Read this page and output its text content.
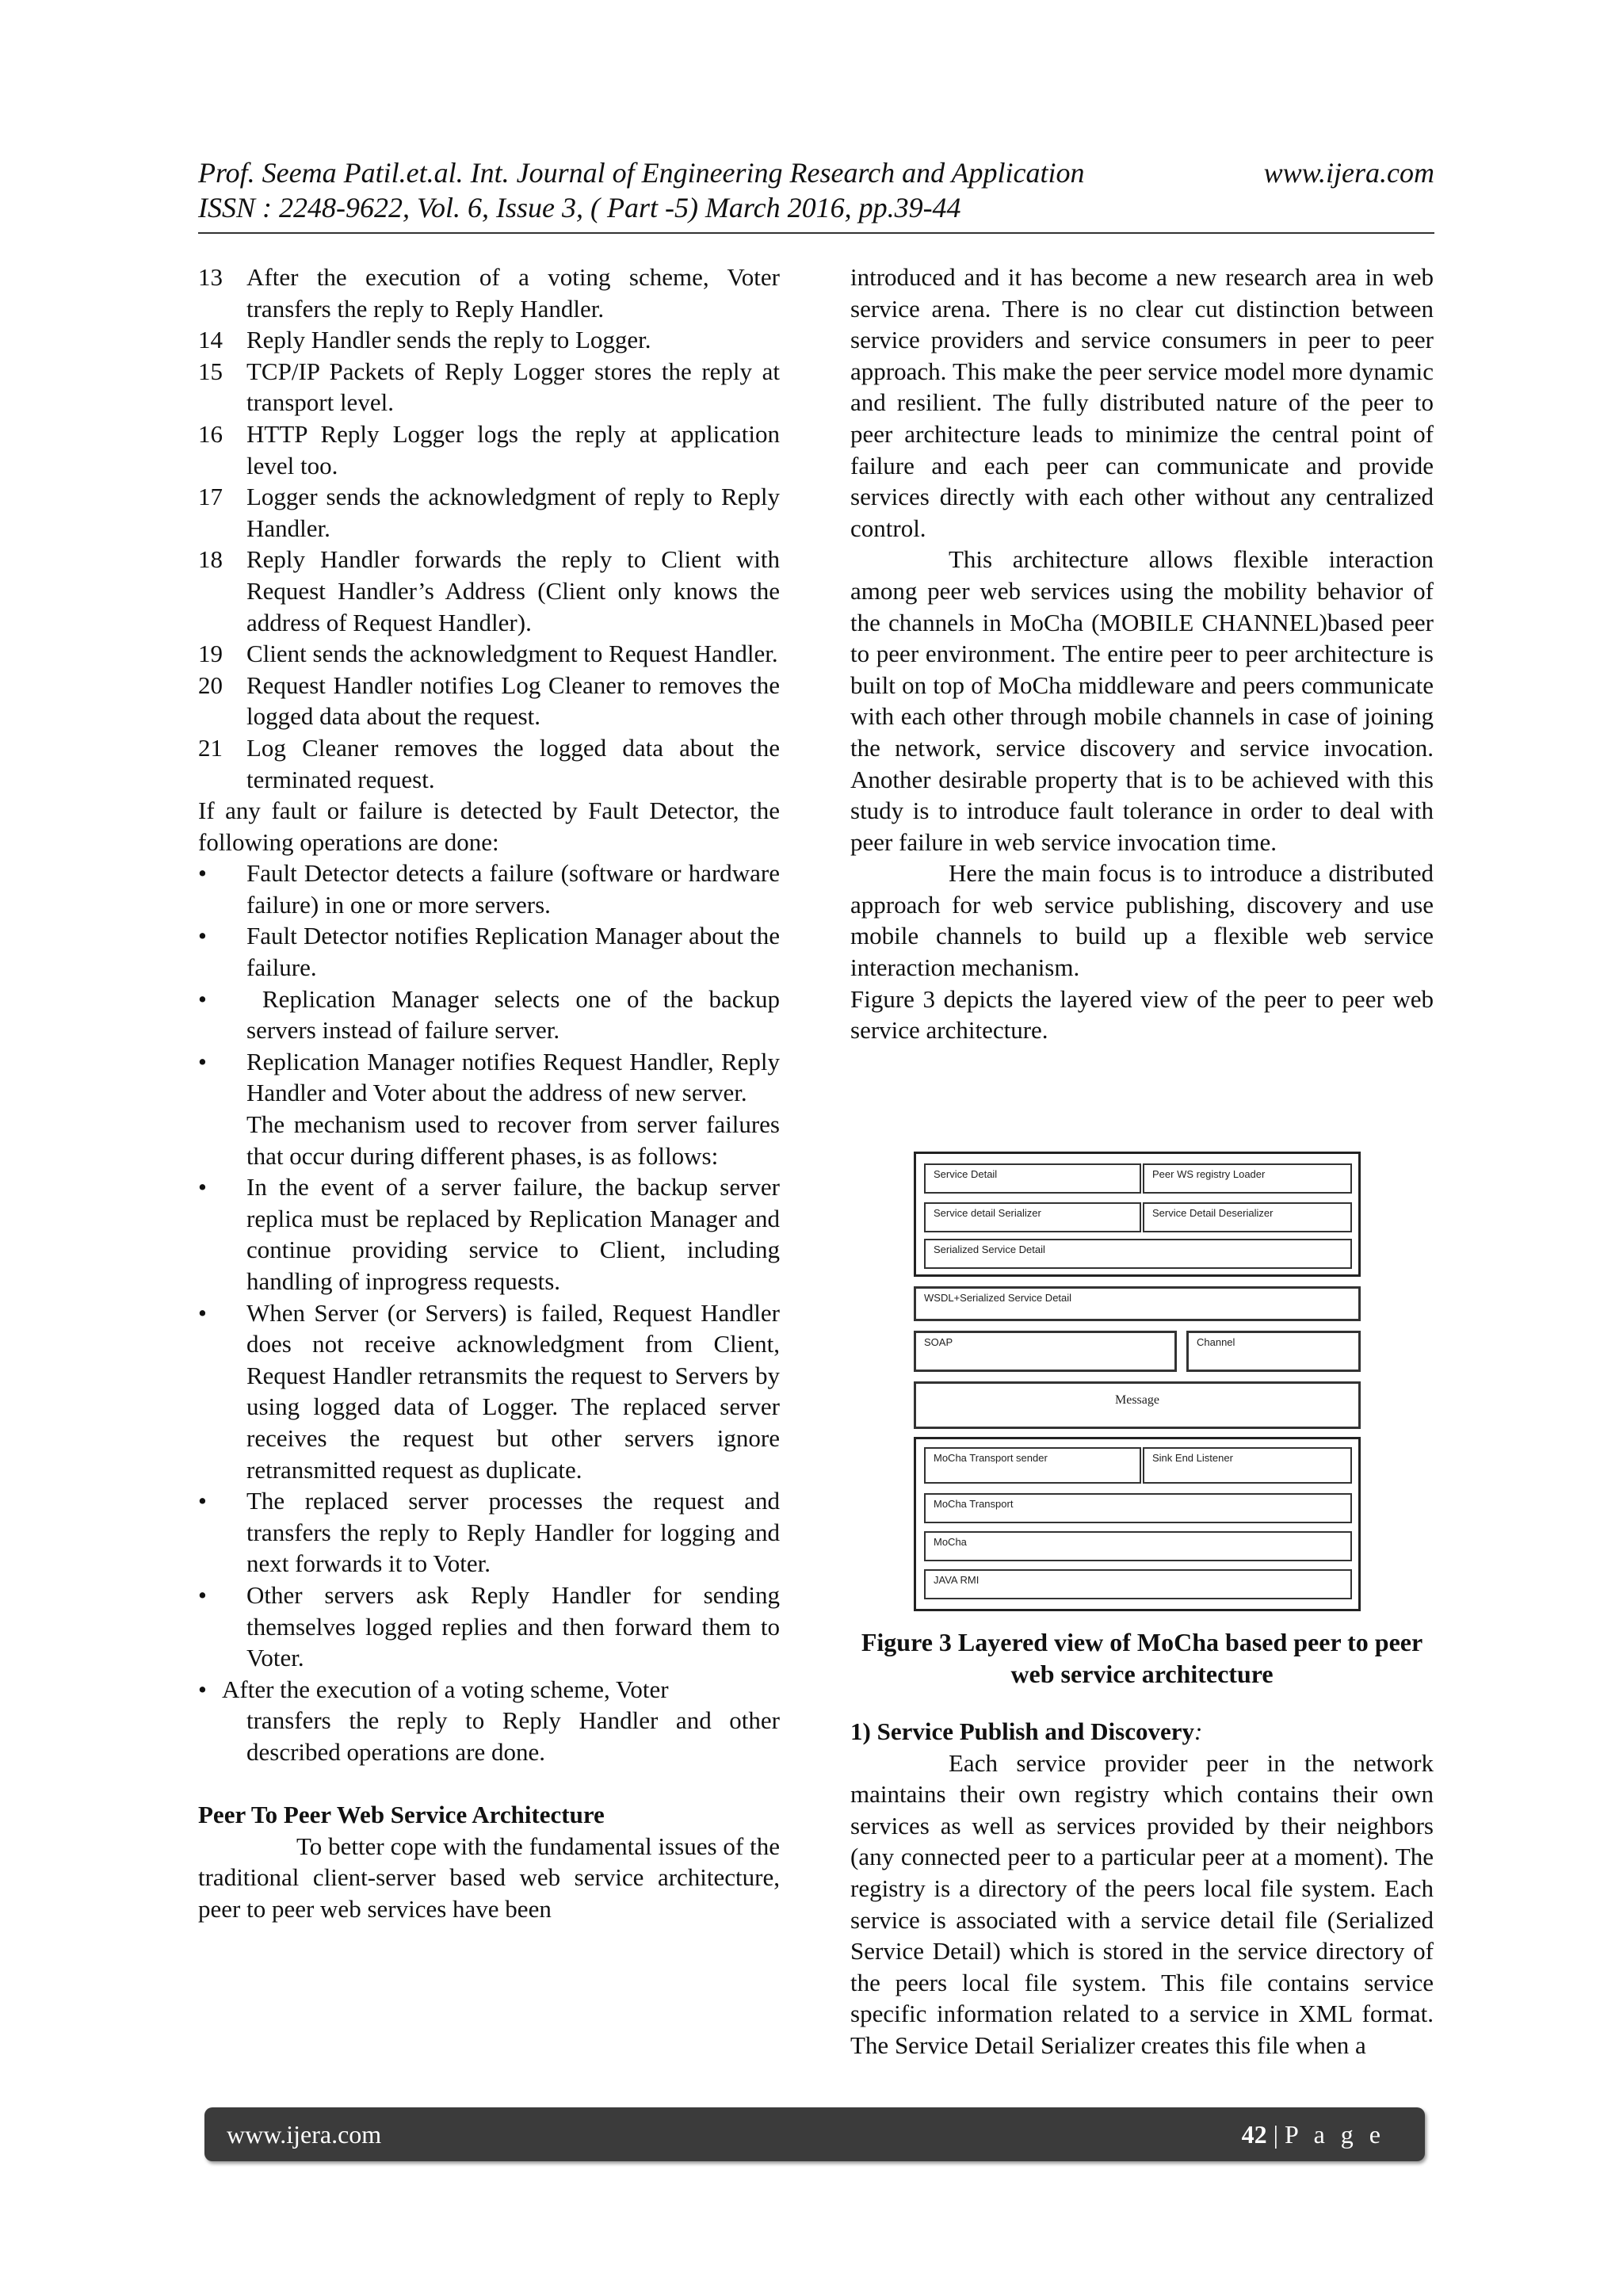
Prof. Seema Patil.et.al. Int. Journal of Engineering Research and Application	www.ijera.com
ISSN : 2248-9622, Vol. 6, Issue 3, ( Part -5) March 2016, pp.39-44
13 After the execution of a voting scheme, Voter transfers the reply to Reply Handler.
14 Reply Handler sends the reply to Logger.
15 TCP/IP Packets of Reply Logger stores the reply at transport level.
16 HTTP Reply Logger logs the reply at application level too.
17 Logger sends the acknowledgment of reply to Reply Handler.
18 Reply Handler forwards the reply to Client with Request Handler’s Address (Client only knows the address of Request Handler).
19 Client sends the acknowledgment to Request Handler.
20 Request Handler notifies Log Cleaner to removes the logged data about the request.
21 Log Cleaner removes the logged data about the terminated request.
If any fault or failure is detected by Fault Detector, the following operations are done:
•	Fault Detector detects a failure (software or hardware failure) in one or more servers.
•	Fault Detector notifies Replication Manager about the failure.
•	Replication Manager selects one of the backup servers instead of failure server.
•	Replication Manager notifies Request Handler, Reply Handler and Voter about the address of new server.
The mechanism used to recover from server failures that occur during different phases, is as follows:
•	In the event of a server failure, the backup server replica must be replaced by Replication Manager and continue providing service to Client, including handling of inprogress requests.
•	When Server (or Servers) is failed, Request Handler does not receive acknowledgment from Client, Request Handler retransmits the request to Servers by using logged data of Logger. The replaced server receives the request but other servers ignore retransmitted request as duplicate.
•	The replaced server processes the request and transfers the reply to Reply Handler for logging and next forwards it to Voter.
•	Other servers ask Reply Handler for sending themselves logged replies and then forward them to Voter.
• After the execution of a voting scheme, Voter
transfers the reply to Reply Handler and other described operations are done.
Peer To Peer Web Service Architecture
To better cope with the fundamental issues of the traditional client-server based web service architecture, peer to peer web services have been
introduced and it has become a new research area in web service arena. There is no clear cut distinction between service providers and service consumers in peer to peer approach. This make the peer service model more dynamic and resilient. The fully distributed nature of the peer to peer architecture leads to minimize the central point of failure and each peer can communicate and provide services directly with each other without any centralized control.
This architecture allows flexible interaction among peer web services using the mobility behavior of the channels in MoCha (MOBILE CHANNEL)based peer to peer environment. The entire peer to peer architecture is built on top of MoCha middleware and peers communicate with each other through mobile channels in case of joining the network, service discovery and service invocation. Another desirable property that is to be achieved with this study is to introduce fault tolerance in order to deal with peer failure in web service invocation time.
Here the main focus is to introduce a distributed approach for web service publishing, discovery and use mobile channels to build up a flexible web service interaction mechanism.
Figure 3 depicts the layered view of the peer to peer web service architecture.
Service Detail	Peer WS registry Loader
Service detail Serializer	Service Detail Deserializer
Serialized Service Detail
WSDL+Serialized Service Detail
SOAP	Channel
Message
MoCha Transport sender	Sink End Listener
MoCha Transport
MoCha
JAVA RMI
Figure 3 Layered view of MoCha based peer to peer web service architecture
1) Service Publish and Discovery:
Each service provider peer in the network maintains their own registry which contains their own services as well as services provided by their neighbors (any connected peer to a particular peer at a moment). The registry is a directory of the peers local file system. Each service is associated with a service detail file (Serialized Service Detail) which is stored in the service directory of the peers local file system. This file contains service specific information related to a service in XML format. The Service Detail Serializer creates this file when a
www.ijera.com	42 | P a g e
